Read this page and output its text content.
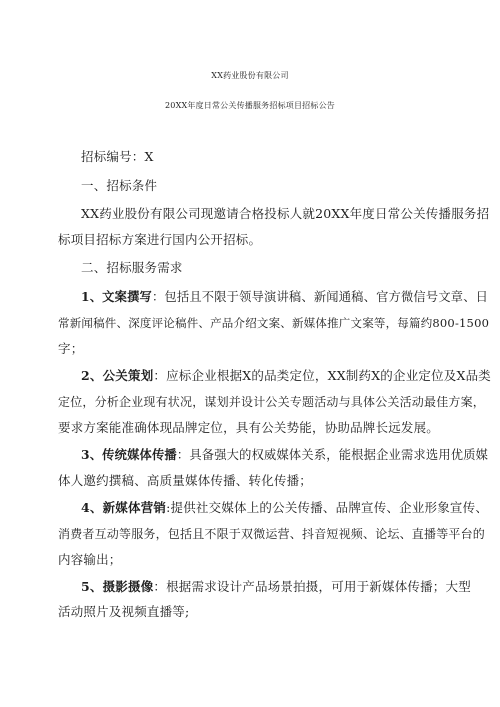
XX药业股份有限公司
20XX年度日常公关传播服务招标项目招标公告
招标编号：X
一、招标条件
XX药业股份有限公司现邀请合格投标人就20XX年度日常公关传播服务招
标项目招标方案进行国内公开招标。
二、招标服务需求
1、文案撰写：包括且不限于领导演讲稿、新闻通稿、官方微信号文章、日
常新闻稿件、深度评论稿件、产品介绍文案、新媒体推广文案等，每篇约800-1500
字；
2、公关策划：应标企业根据X的品类定位，XX制药X的企业定位及X品类
定位，分析企业现有状况，谋划并设计公关专题活动与具体公关活动最佳方案，
要求方案能准确体现品牌定位，具有公关势能，协助品牌长远发展。
3、传统媒体传播：具备强大的权威媒体关系，能根据企业需求选用优质媒
体人邀约撰稿、高质量媒体传播、转化传播；
4、新媒体营销:提供社交媒体上的公关传播、品牌宣传、企业形象宣传、
消费者互动等服务，包括且不限于双微运营、抖音短视频、论坛、直播等平台的
内容输出；
5、摄影摄像：根据需求设计产品场景拍摄，可用于新媒体传播；大型
活动照片及视频直播等;
